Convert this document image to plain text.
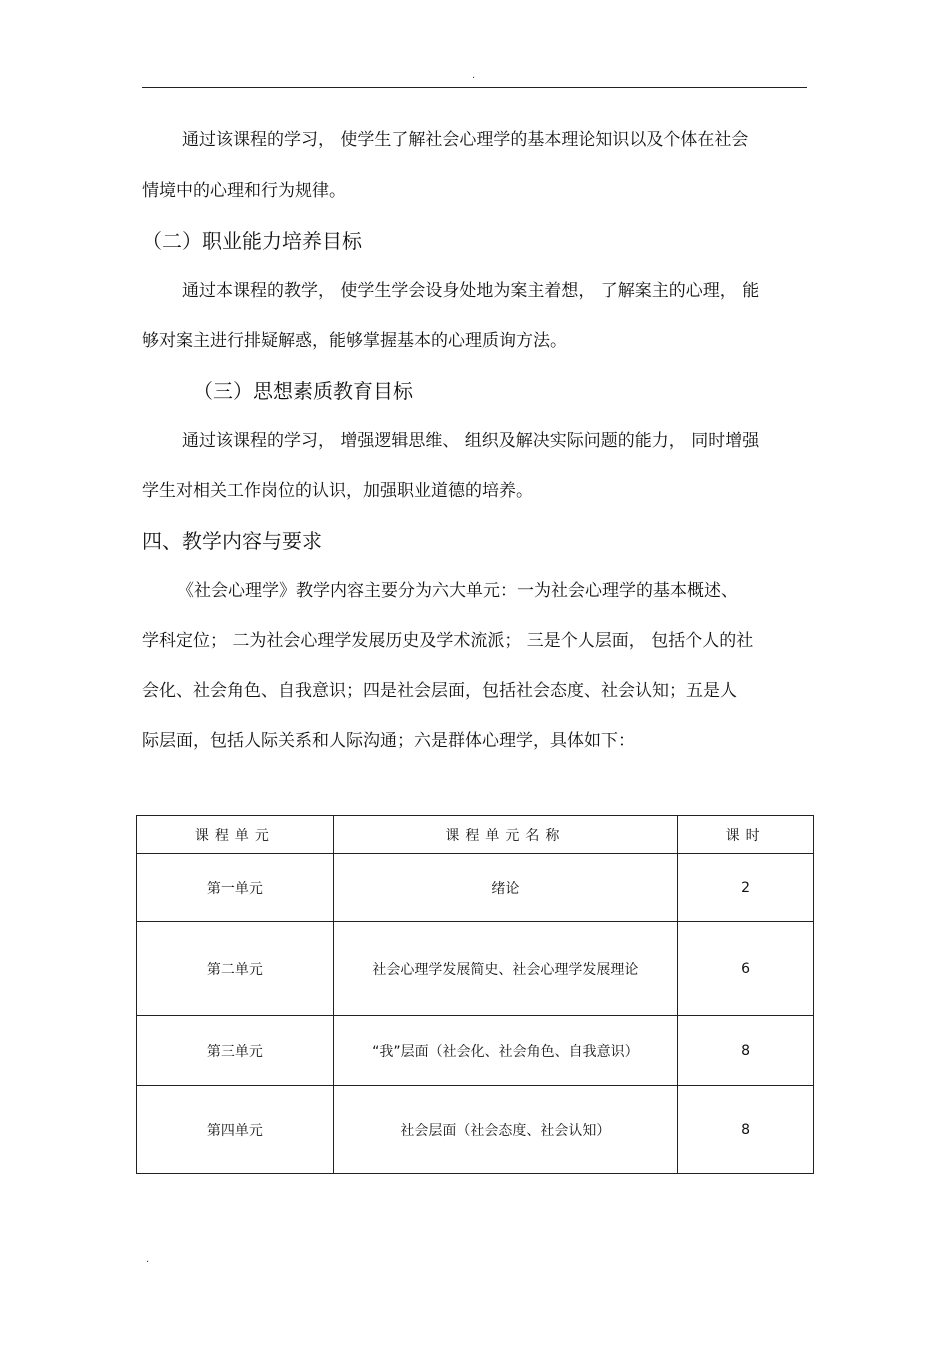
.
通过该课程的学习， 使学生了解社会心理学的基本理论知识以及个体在社会
情境中的心理和行为规律。
（二）职业能力培养目标
通过本课程的教学， 使学生学会设身处地为案主着想， 了解案主的心理， 能
够对案主进行排疑解惑，能够掌握基本的心理质询方法。
（三）思想素质教育目标
通过该课程的学习， 增强逻辑思维、 组织及解决实际问题的能力， 同时增强
学生对相关工作岗位的认识，加强职业道德的培养。
四、教学内容与要求
《社会心理学》教学内容主要分为六大单元：一为社会心理学的基本概述、
学科定位； 二为社会心理学发展历史及学术流派； 三是个人层面， 包括个人的社
会化、社会角色、自我意识；四是社会层面，包括社会态度、社会认知；五是人
际层面，包括人际关系和人际沟通；六是群体心理学，具体如下：
课程单元	课程单元名称	课时
第一单元	绪论	2
第二单元	社会心理学发展简史、社会心理学发展理论	6
第三单元	“我”层面（社会化、社会角色、自我意识）	8
第四单元	社会层面（社会态度、社会认知）	8
.
